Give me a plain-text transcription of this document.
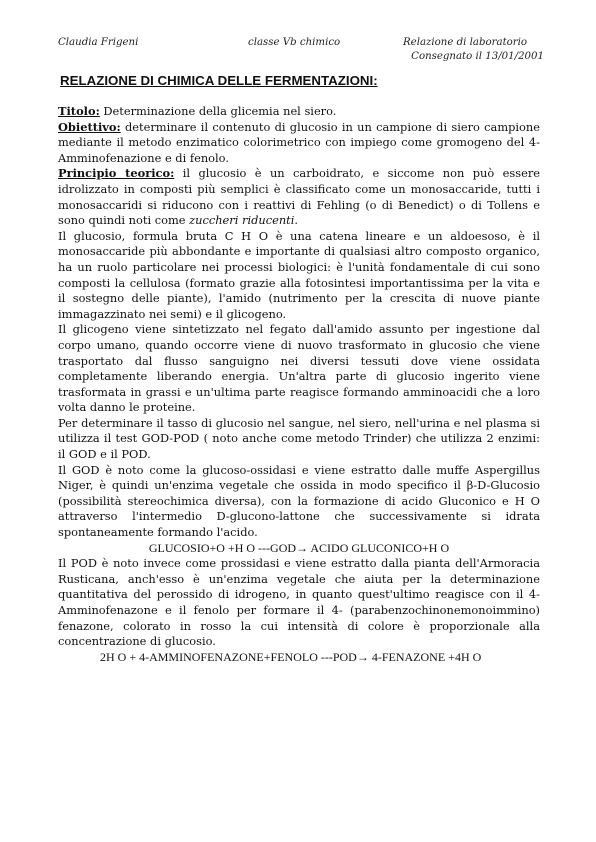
Claudia Frigeni	classe Vb chimico	Relazione di laboratorio
Consegnato il 13/01/2001
RELAZIONE DI CHIMICA DELLE FERMENTAZIONI:

Titolo: Determinazione della glicemia nel siero.

Obiettivo: determinare il contenuto di glucosio in un campione di siero campione mediante il metodo enzimatico colorimetrico con impiego come gromogeno del 4-Amminofenazione e di fenolo.

Principio teorico: il glucosio è un carboidrato, e siccome non può essere idrolizzato in composti più semplici è classificato come un monosaccaride, tutti i monosaccaridi si riducono con i reattivi di Fehling (o di Benedict) o di Tollens e sono quindi noti come zuccheri riducenti.

Il glucosio, formula bruta C H O è una catena lineare e un aldoesoso, è il monosaccaride più abbondante e importante di qualsiasi altro composto organico, ha un ruolo particolare nei processi biologici: è l'unità fondamentale di cui sono composti la cellulosa (formato grazie alla fotosintesi importantissima per la vita e il sostegno delle piante), l'amido (nutrimento per la crescita di nuove piante immagazzinato nei semi) e il glicogeno.

Il glicogeno viene sintetizzato nel fegato dall'amido assunto per ingestione dal corpo umano, quando occorre viene di nuovo trasformato in glucosio che viene trasportato dal flusso sanguigno nei diversi tessuti dove viene ossidata completamente liberando energia. Un'altra parte di glucosio ingerito viene trasformata in grassi e un'ultima parte reagisce formando amminoacidi che a loro volta danno le proteine.

Per determinare il tasso di glucosio nel sangue, nel siero, nell'urina e nel plasma si utilizza il test GOD-POD ( noto anche come metodo Trinder) che utilizza 2 enzimi: il GOD e il POD.

Il GOD è noto come la glucoso-ossidasi e viene estratto dalle muffe Aspergillus Niger, è quindi un'enzima vegetale che ossida in modo specifico il β-D-Glucosio (possibilità stereochimica diversa), con la formazione di acido Gluconico e H O attraverso l'intermedio D-glucono-lattone che successivamente si idrata spontaneamente formando l'acido.

GLUCOSIO+O +H O ---GOD→ ACIDO GLUCONICO+H O

Il POD è noto invece come prossidasi e viene estratto dalla pianta dell'Armoracia Rusticana, anch'esso è un'enzima vegetale che aiuta per la determinazione quantitativa del perossido di idrogeno, in quanto quest'ultimo reagisce con il 4-Amminofenazone e il fenolo per formare il 4- (parabenzochinonemonoimmino) fenazone, colorato in rosso la cui intensità di colore è proporzionale alla concentrazione di glucosio.

2H O + 4-AMMINOFENAZONE+FENOLO ---POD→ 4-FENAZONE +4H O
